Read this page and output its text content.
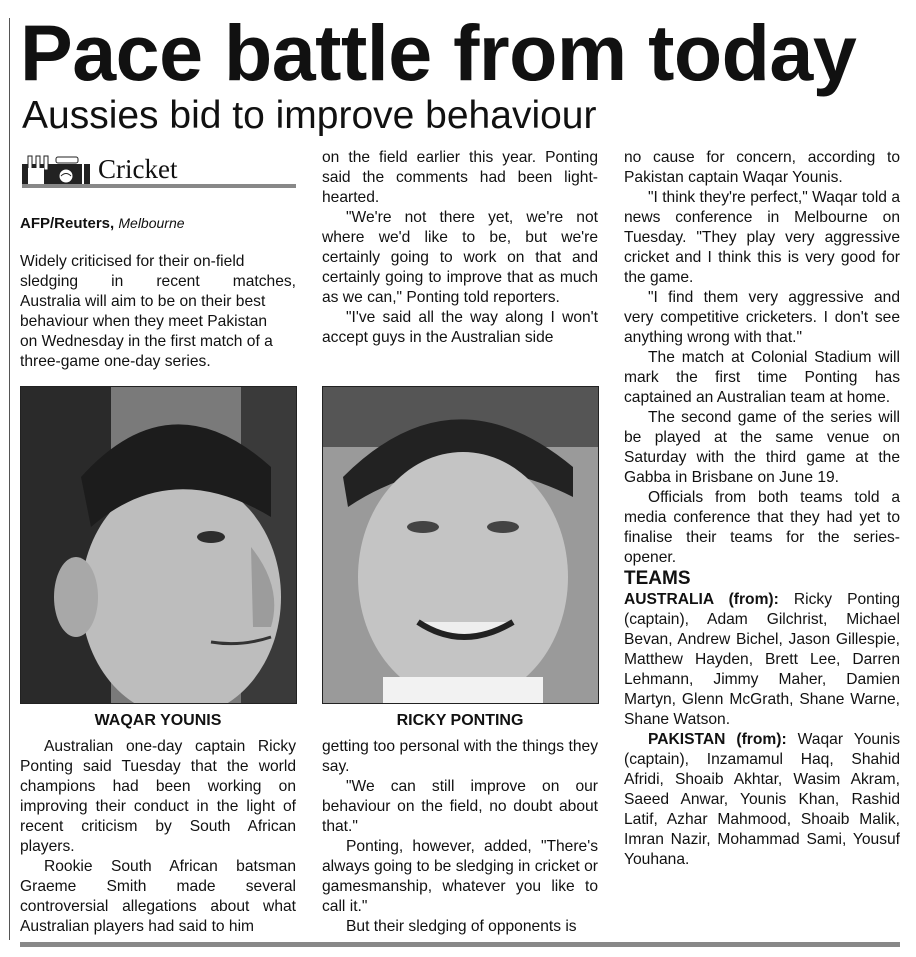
Pace battle from today
Aussies bid to improve behaviour
Cricket
AFP/Reuters, Melbourne
Widely criticised for their on-field
sledging in recent matches,
Australia will aim to be on their best
behaviour when they meet Pakistan
on Wednesday in the first match of a
three-game one-day series.
WAQAR YOUNIS

Australian one-day captain Ricky Ponting said Tuesday that the world champions had been working on improving their conduct in the light of recent criticism by South African players.

Rookie South African batsman Graeme Smith made several controversial allegations about what Australian players had said to him

on the field earlier this year. Ponting said the comments had been light-hearted.

"We're not there yet, we're not where we'd like to be, but we're certainly going to work on that and certainly going to improve that as much as we can," Ponting told reporters.

"I've said all the way along I won't accept guys in the Australian side

RICKY PONTING

getting too personal with the things they say.

"We can still improve on our behaviour on the field, no doubt about that."

Ponting, however, added, "There's always going to be sledging in cricket or gamesmanship, whatever you like to call it."

But their sledging of opponents is

no cause for concern, according to Pakistan captain Waqar Younis.

"I think they're perfect," Waqar told a news conference in Melbourne on Tuesday. "They play very aggressive cricket and I think this is very good for the game.

"I find them very aggressive and very competitive cricketers. I don't see anything wrong with that."

The match at Colonial Stadium will mark the first time Ponting has captained an Australian team at home.

The second game of the series will be played at the same venue on Saturday with the third game at the Gabba in Brisbane on June 19.

Officials from both teams told a media conference that they had yet to finalise their teams for the series-opener.

TEAMS

AUSTRALIA (from): Ricky Ponting (captain), Adam Gilchrist, Michael Bevan, Andrew Bichel, Jason Gillespie, Matthew Hayden, Brett Lee, Darren Lehmann, Jimmy Maher, Damien Martyn, Glenn McGrath, Shane Warne, Shane Watson.

PAKISTAN (from): Waqar Younis (captain), Inzamamul Haq, Shahid Afridi, Shoaib Akhtar, Wasim Akram, Saeed Anwar, Younis Khan, Rashid Latif, Azhar Mahmood, Shoaib Malik, Imran Nazir, Mohammad Sami, Yousuf Youhana.
